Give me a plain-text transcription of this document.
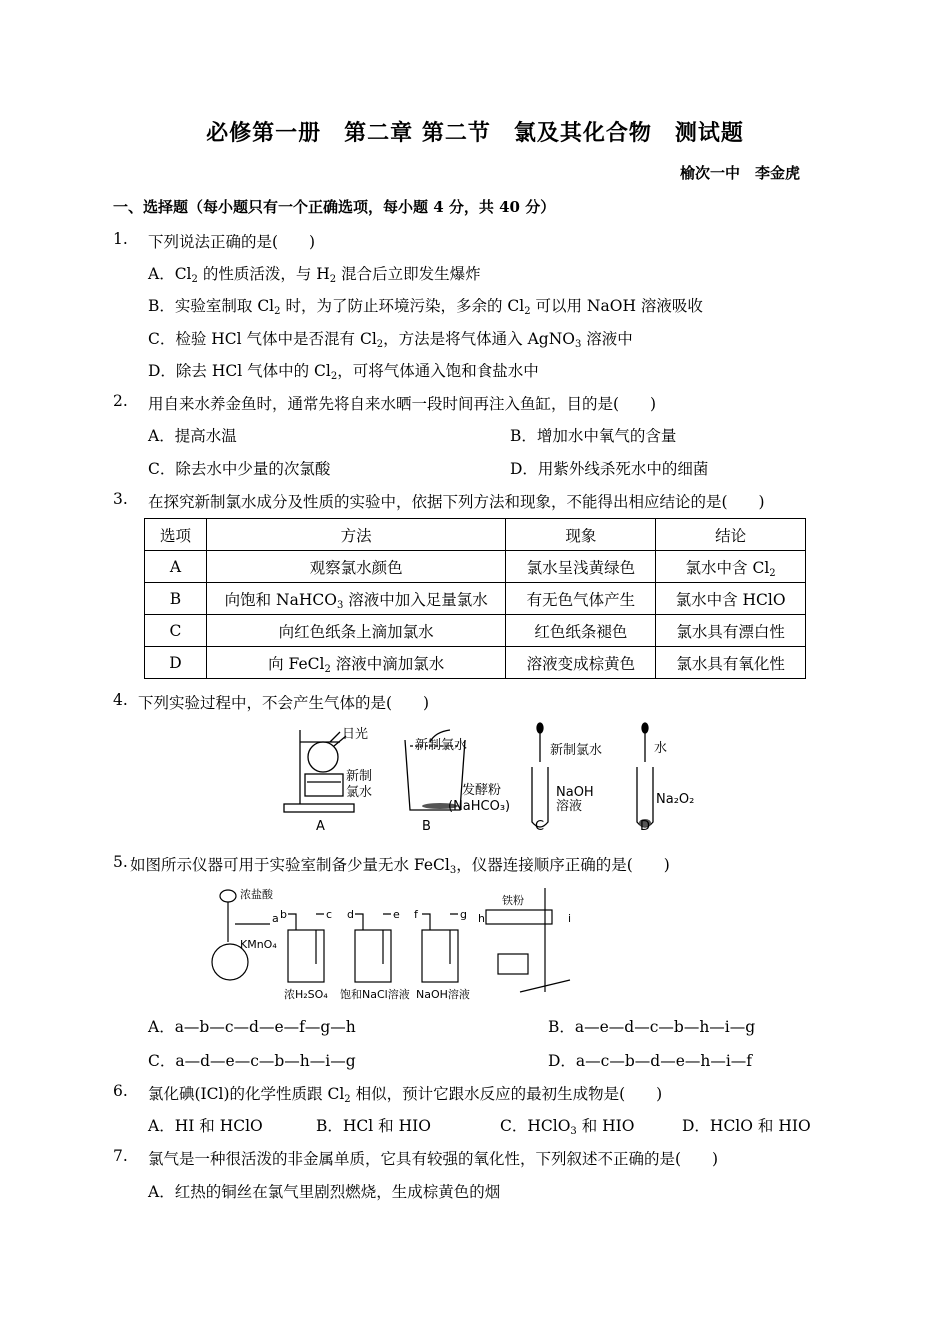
必修第一册　第二章 第二节　氯及其化合物　测试题
榆次一中　李金虎
一、选择题（每小题只有一个正确选项，每小题 4 分，共 40 分）
1. 下列说法正确的是(　　)
A．$Cl_2$ 的性质活泼，与 $H_2$ 混合后立即发生爆炸
B．实验室制取 $Cl_2$ 时，为了防止环境污染，多余的 $Cl_2$ 可以用 NaOH 溶液吸收
C．检验 HCl 气体中是否混有 $Cl_2$，方法是将气体通入 AgNO$_3$ 溶液中
D．除去 HCl 气体中的 $Cl_2$，可将气体通入饱和食盐水中
2. 用自来水养金鱼时，通常先将自来水晒一段时间再注入鱼缸，目的是(　　)
A．提高水温	B．增加水中氧气的含量
C．除去水中少量的次氯酸	D．用紫外线杀死水中的细菌
3. 在探究新制氯水成分及性质的实验中，依据下列方法和现象，不能得出相应结论的是(　　)
选项	方法	现象	结论
A	观察氯水颜色	氯水呈浅黄绿色	氯水中含 $Cl_2$
B	向饱和 NaHCO$_3$ 溶液中加入足量氯水	有无色气体产生	氯水中含 HClO
C	向红色纸条上滴加氯水	红色纸条褪色	氯水具有漂白性
D	向 FeCl$_2$ 溶液中滴加氯水	溶液变成棕黄色	氯水具有氧化性
4. 下列实验过程中，不会产生气体的是(　　)
日光
新制
氯水
新制氯水
发酵粉
(NaHCO₃)
新制氯水
NaOH
溶液
水
Na₂O₂
A	B	C	D
5. 如图所示仪器可用于实验室制备少量无水 FeCl$_3$，仪器连接顺序正确的是(　　)
浓盐酸
KMnO₄
铁粉
浓H₂SO₄ 饱和NaCl溶液 NaOH溶液
a b	c d	e f	g h	i
A．a—b—c—d—e—f—g—h	B．a—e—d—c—b—h—i—g
C．a—d—e—c—b—h—i—g	D．a—c—b—d—e—h—i—f
6. 氯化碘(ICl)的化学性质跟 $Cl_2$ 相似，预计它跟水反应的最初生成物是(　　)
A．HI 和 HClO	B．HCl 和 HIO	C．HClO$_3$ 和 HIO	D．HClO 和 HIO
7. 氯气是一种很活泼的非金属单质，它具有较强的氧化性，下列叙述不正确的是(　　)
A．红热的铜丝在氯气里剧烈燃烧，生成棕黄色的烟
